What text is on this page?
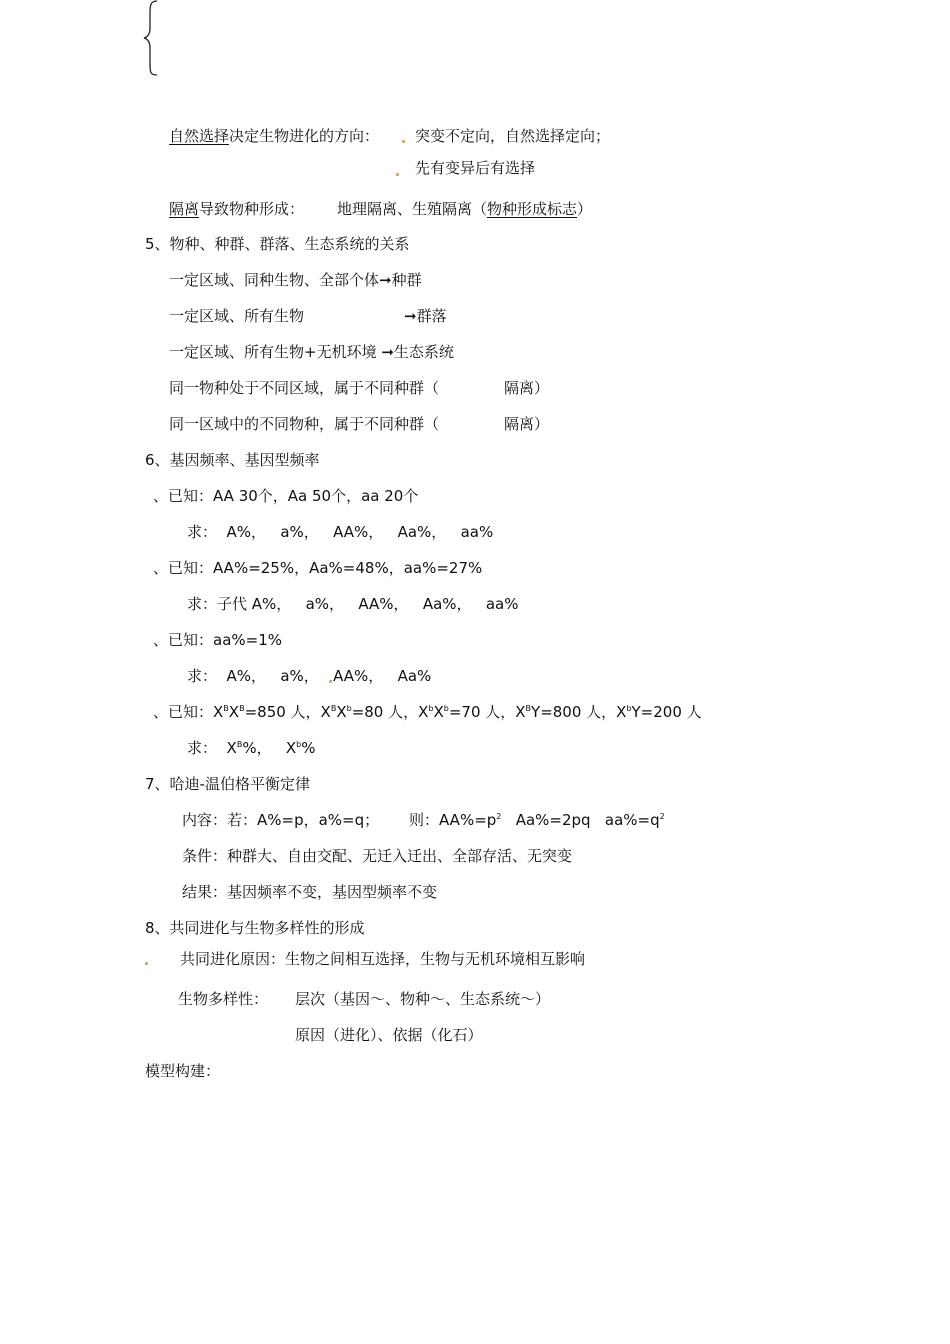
自然选择决定生物进化的方向： 突变不定向，自然选择定向；
先有变异后有选择
隔离导致物种形成： 地理隔离、生殖隔离（物种形成标志）
5、物种、种群、群落、生态系统的关系
一定区域、同种生物、全部个体➞种群
一定区域、所有生物	➞群落
一定区域、所有生物+无机环境 ➞生态系统
同一物种处于不同区域，属于不同种群（	隔离）
同一区域中的不同物种，属于不同种群（	隔离）
6、基因频率、基因型频率
、已知：AA 30个，Aa 50个，aa 20个
求：  A%，   a%，   AA%，   Aa%，   aa%
、已知：AA%=25%，Aa%=48%，aa%=27%
求：子代 A%，   a%，   AA%，   Aa%，   aa%
、已知：aa%=1%
求：  A%，   a%，   AA%，   Aa%
、已知：$X^BX^B=850$ 人，$X^BX^b=80$ 人，$X^bX^b=70$ 人，$X^BY=800$ 人，$X^bY=200$ 人
求：  $X^B\%$，   $X^b\%$
7、哈迪-温伯格平衡定律
内容：若：A%=p，a%=q； 则：$AA\%=p^2$ Aa%=2pq $aa\%=q^2$
条件：种群大、自由交配、无迁入迁出、全部存活、无突变
结果：基因频率不变，基因型频率不变
8、共同进化与生物多样性的形成
共同进化原因：生物之间相互选择，生物与无机环境相互影响
生物多样性： 层次（基因〜、物种〜、生态系统〜）
原因（进化）、依据（化石）
模型构建：
